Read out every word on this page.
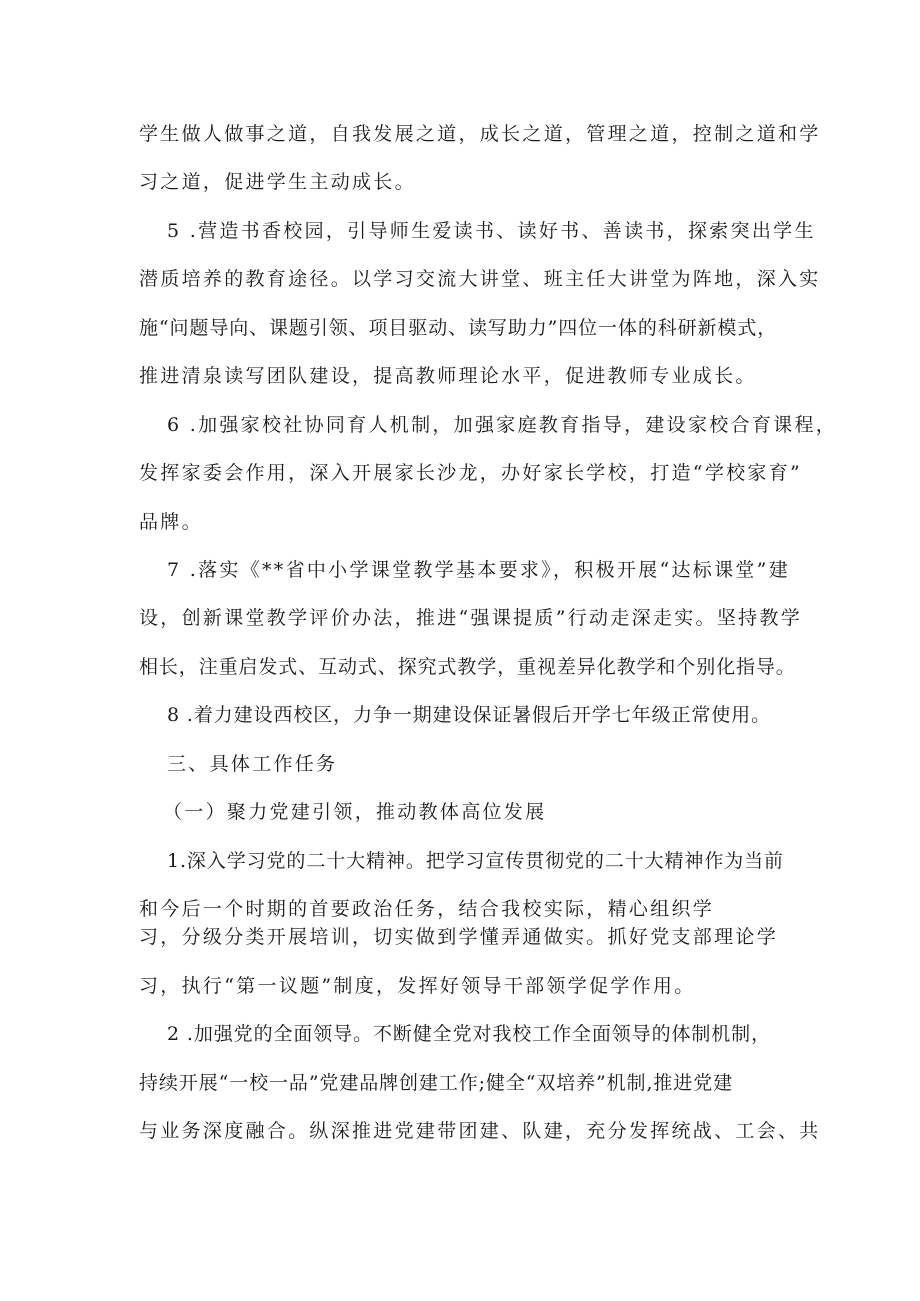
学生做人做事之道，自我发展之道，成长之道，管理之道，控制之道和学
习之道，促进学生主动成长。
5 .营造书香校园，引导师生爱读书、读好书、善读书，探索突出学生
潜质培养的教育途径。以学习交流大讲堂、班主任大讲堂为阵地，深入实
施“问题导向、课题引领、项目驱动、读写助力”四位一体的科研新模式，
推进清泉读写团队建设，提高教师理论水平，促进教师专业成长。
6 .加强家校社协同育人机制，加强家庭教育指导，建设家校合育课程，
发挥家委会作用，深入开展家长沙龙，办好家长学校，打造“学校家育”
品牌。
7 .落实《**省中小学课堂教学基本要求》，积极开展“达标课堂”建
设，创新课堂教学评价办法，推进“强课提质”行动走深走实。坚持教学
相长，注重启发式、互动式、探究式教学，重视差异化教学和个别化指导。
8 .着力建设西校区，力争一期建设保证暑假后开学七年级正常使用。
三、具体工作任务
（一）聚力党建引领，推动教体高位发展
1.深入学习党的二十大精神。把学习宣传贯彻党的二十大精神作为当前
和今后一个时期的首要政治任务，结合我校实际，精心组织学
习，分级分类开展培训，切实做到学懂弄通做实。抓好党支部理论学
习，执行“第一议题”制度，发挥好领导干部领学促学作用。
2 .加强党的全面领导。不断健全党对我校工作全面领导的体制机制，
持续开展“一校一品”党建品牌创建工作;健全“双培养”机制,推进党建
与业务深度融合。纵深推进党建带团建、队建，充分发挥统战、工会、共
